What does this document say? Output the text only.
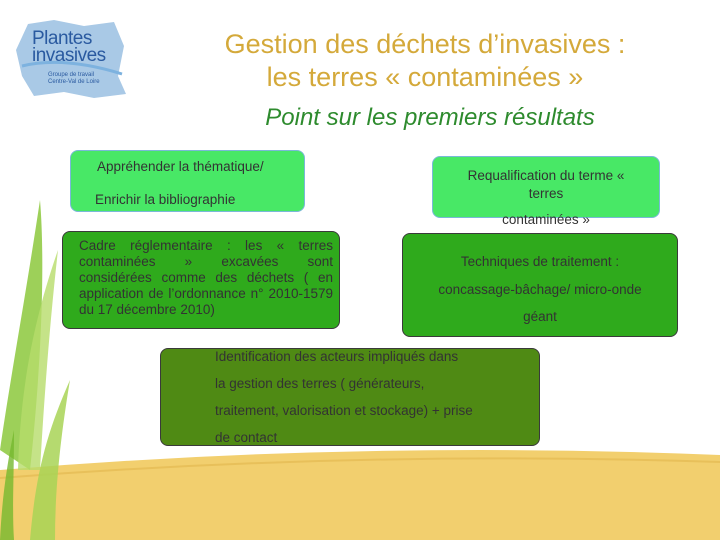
Plantes
invasives
Groupe de travail
Centre-Val de Loire
Gestion des déchets d’invasives :
les terres « contaminées »
Point sur les premiers résultats
Appréhender la thématique/
Enrichir la bibliographie
Requalification du terme « terres
contaminées »
Cadre réglementaire : les « terres contaminées » excavées sont considérées comme des déchets ( en application de l’ordonnance n° 2010-1579 du 17 décembre 2010)
Techniques de traitement :
concassage-bâchage/ micro-onde
géant
Identification des acteurs impliqués dans
la gestion des terres ( générateurs,
traitement, valorisation et stockage) + prise
de contact
